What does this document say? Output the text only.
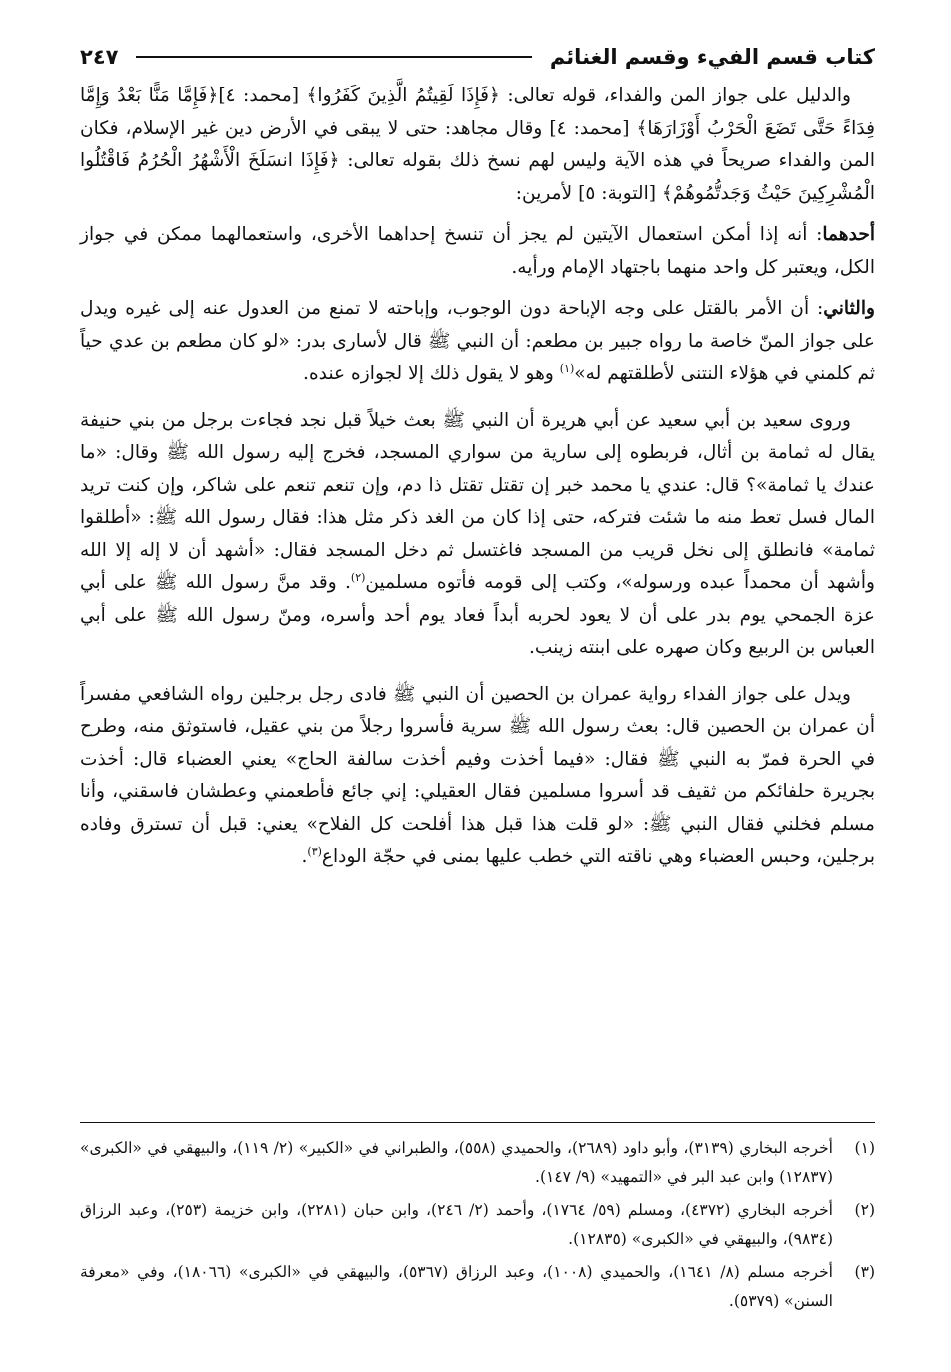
كتاب قسم الفيء وقسم الغنائم
٢٤٧

والدليل على جواز المن والفداء، قوله تعالى: ﴿فَإِذَا لَقِيتُمُ الَّذِينَ كَفَرُوا﴾ [محمد: ٤]﴿فَإِمَّا مَنًّا بَعْدُ وَإِمَّا فِدَاءً حَتَّى تَضَعَ الْحَرْبُ أَوْزَارَهَا﴾ [محمد: ٤] وقال مجاهد: حتى لا يبقى في الأرض دين غير الإسلام، فكان المن والفداء صريحاً في هذه الآية وليس لهم نسخ ذلك بقوله تعالى: ﴿فَإِذَا انسَلَخَ الْأَشْهُرُ الْحُرُمُ فَاقْتُلُوا الْمُشْرِكِينَ حَيْثُ وَجَدتُّمُوهُمْ﴾ [التوبة: ٥] لأمرين:

أحدهما: أنه إذا أمكن استعمال الآيتين لم يجز أن تنسخ إحداهما الأخرى، واستعمالهما ممكن في جواز الكل، ويعتبر كل واحد منهما باجتهاد الإمام ورأيه.

والثاني: أن الأمر بالقتل على وجه الإباحة دون الوجوب، وإباحته لا تمنع من العدول عنه إلى غيره ويدل على جواز المنّ خاصة ما رواه جبير بن مطعم: أن النبي ﷺ قال لأسارى بدر: «لو كان مطعم بن عدي حياً ثم كلمني في هؤلاء النتنى لأطلقتهم له»$^{(١)}$ وهو لا يقول ذلك إلا لجوازه عنده.

وروى سعيد بن أبي سعيد عن أبي هريرة أن النبي ﷺ بعث خيلاً قبل نجد فجاءت برجل من بني حنيفة يقال له ثمامة بن أثال، فربطوه إلى سارية من سواري المسجد، فخرج إليه رسول الله ﷺ وقال: «ما عندك يا ثمامة»؟ قال: عندي يا محمد خبر إن تقتل تقتل ذا دم، وإن تنعم تنعم على شاكر، وإن كنت تريد المال فسل تعط منه ما شئت فتركه، حتى إذا كان من الغد ذكر مثل هذا: فقال رسول الله ﷺ: «أطلقوا ثمامة» فانطلق إلى نخل قريب من المسجد فاغتسل ثم دخل المسجد فقال: «أشهد أن لا إله إلا الله وأشهد أن محمداً عبده ورسوله»، وكتب إلى قومه فأتوه مسلمين$^{(٢)}$. وقد منَّ رسول الله ﷺ على أبي عزة الجمحي يوم بدر على أن لا يعود لحربه أبداً فعاد يوم أحد وأسره، ومنّ رسول الله ﷺ على أبي العباس بن الربيع وكان صهره على ابنته زينب.

ويدل على جواز الفداء رواية عمران بن الحصين أن النبي ﷺ فادى رجل برجلين رواه الشافعي مفسراً أن عمران بن الحصين قال: بعث رسول الله ﷺ سرية فأسروا رجلاً من بني عقيل، فاستوثق منه، وطرح في الحرة فمرّ به النبي ﷺ فقال: «فيما أخذت وفيم أخذت سالفة الحاج» يعني العضباء قال: أخذت بجريرة حلفائكم من ثقيف قد أسروا مسلمين فقال العقيلي: إني جائع فأطعمني وعطشان فاسقني، وأنا مسلم فخلني فقال النبي ﷺ: «لو قلت هذا قبل هذا أفلحت كل الفلاح» يعني: قبل أن تسترق وفاده برجلين، وحبس العضباء وهي ناقته التي خطب عليها بمنى في حجّة الوداع$^{(٣)}$.

(١)
أخرجه البخاري (٣١٣٩)، وأبو داود (٢٦٨٩)، والحميدي (٥٥٨)، والطبراني في «الكبير» (٢/ ١١٩)، والبيهقي في «الكبرى» (١٢٨٣٧) وابن عبد البر في «التمهيد» (٩/ ١٤٧).
(٢)
أخرجه البخاري (٤٣٧٢)، ومسلم (٥٩/ ١٧٦٤)، وأحمد (٢/ ٢٤٦)، وابن حبان (٢٢٨١)، وابن خزيمة (٢٥٣)، وعبد الرزاق (٩٨٣٤)، والبيهقي في «الكبرى» (١٢٨٣٥).
(٣)
أخرجه مسلم (٨/ ١٦٤١)، والحميدي (١٠٠٨)، وعبد الرزاق (٥٣٦٧)، والبيهقي في «الكبرى» (١٨٠٦٦)، وفي «معرفة السنن» (٥٣٧٩).
